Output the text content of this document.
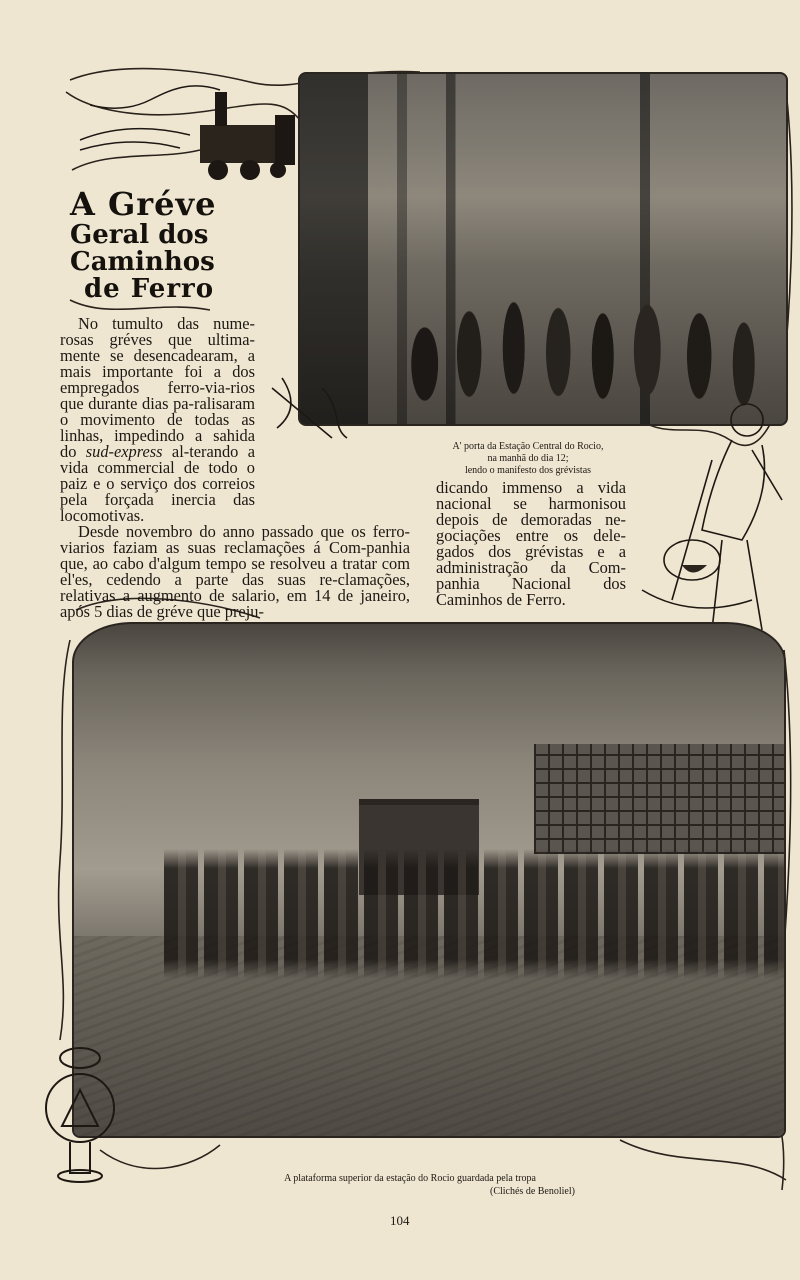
A Gréve
Geral dos Caminhos
de Ferro

No tumulto das nume-rosas gréves que ultima-mente se desencadearam, a mais importante foi a dos empregados ferro-via-rios que durante dias pa-ralisaram o movimento de todas as linhas, impedindo a sahida do sud-express al-terando a vida commercial de todo o paiz e o serviço dos correios pela forçada inercia das locomotivas.

Desde novembro do anno passado que os ferro-viarios faziam as suas reclamações á Com-panhia que, ao cabo d'algum tempo se resolveu a tratar com el'es, cedendo a parte das suas re-clamações, relativas a augmento de salario, em 14 de janeiro, após 5 dias de gréve que preju-

A' porta da Estação Central do Rocio,
na manhã do dia 12;
lendo o manifesto dos grévistas

dicando immenso a vida nacional se harmonisou depois de demoradas ne-gociações entre os dele-gados dos grévistas e a administração da Com-panhia Nacional dos Caminhos de Ferro.

A plataforma superior da estação do Rocio guardada pela tropa
(Clichés de Benoliel)
104
